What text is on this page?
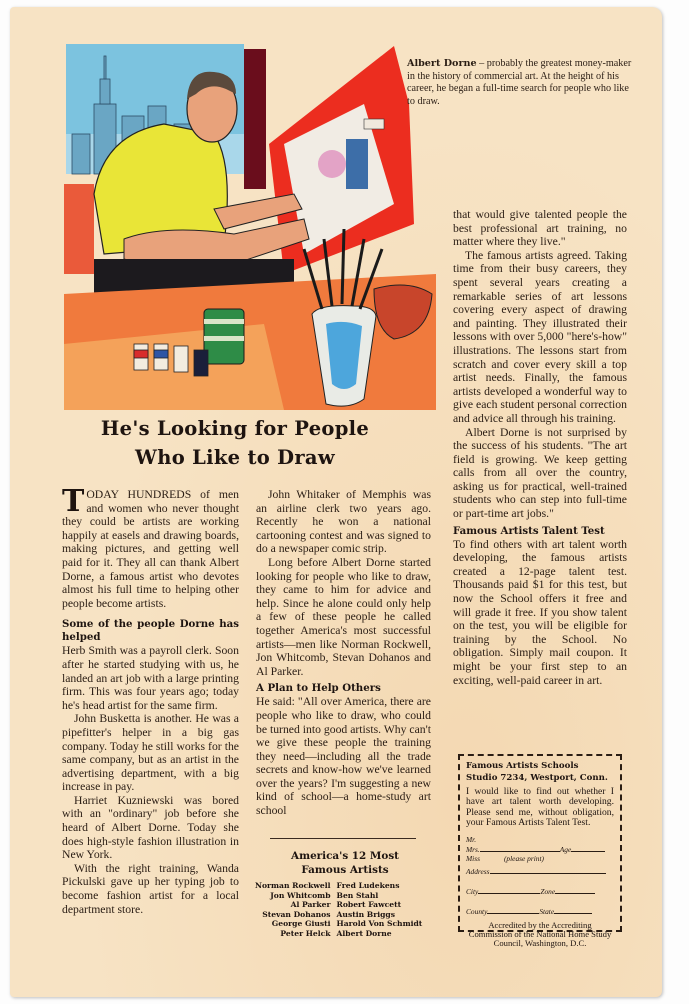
Albert Dorne – probably the greatest money-maker in the history of commercial art. At the height of his career, he began a full-time search for people who like to draw.
He's Looking for People
Who Like to Draw

TODAY HUNDREDS of men and women who never thought they could be artists are working happily at easels and drawing boards, making pictures, and getting well paid for it. They all can thank Albert Dorne, a famous artist who devotes almost his full time to helping other people become artists.

Some of the people Dorne has helped

Herb Smith was a payroll clerk. Soon after he started studying with us, he landed an art job with a large printing firm. This was four years ago; today he's head artist for the same firm.

John Busketta is another. He was a pipefitter's helper in a big gas company. Today he still works for the same company, but as an artist in the advertising department, with a big increase in pay.

Harriet Kuzniewski was bored with an "ordinary" job before she heard of Albert Dorne. Today she does high-style fashion illustration in New York.

With the right training, Wanda Pickulski gave up her typing job to become fashion artist for a local department store.

John Whitaker of Memphis was an airline clerk two years ago. Recently he won a national cartooning contest and was signed to do a newspaper comic strip.

Long before Albert Dorne started looking for people who like to draw, they came to him for advice and help. Since he alone could only help a few of these people he called together America's most successful artists—men like Norman Rockwell, Jon Whitcomb, Stevan Dohanos and Al Parker.

A Plan to Help Others

He said: "All over America, there are people who like to draw, who could be turned into good artists. Why can't we give these people the training they need—including all the trade secrets and know-how we've learned over the years? I'm suggesting a new kind of school—a home-study art school

that would give talented people the best professional art training, no matter where they live."

The famous artists agreed. Taking time from their busy careers, they spent several years creating a remarkable series of art lessons covering every aspect of drawing and painting. They illustrated their lessons with over 5,000 "here's-how" illustrations. The lessons start from scratch and cover every skill a top artist needs. Finally, the famous artists developed a wonderful way to give each student personal correction and advice all through his training.

Albert Dorne is not surprised by the success of his students. "The art field is growing. We keep getting calls from all over the country, asking us for practical, well-trained students who can step into full-time or part-time art jobs."

Famous Artists Talent Test

To find others with art talent worth developing, the famous artists created a 12-page talent test. Thousands paid $1 for this test, but now the School offers it free and will grade it free. If you show talent on the test, you will be eligible for training by the School. No obligation. Simply mail coupon. It might be your first step to an exciting, well-paid career in art.

America's 12 Most
Famous Artists
Norman Rockwell	Fred Ludekens
Jon Whitcomb	Ben Stahl
Al Parker	Robert Fawcett
Stevan Dohanos	Austin Briggs
George Giusti	Harold Von Schmidt
Peter Helck	Albert Dorne
Famous Artists Schools
Studio 7234, Westport, Conn.
I would like to find out whether I have art talent worth developing. Please send me, without obligation, your Famous Artists Talent Test.
Mr.
Mrs.	Age
Miss	(please print)
Address
City	Zone
County	State
Accredited by the Accrediting Commission of the National Home Study Council, Washington, D.C.
